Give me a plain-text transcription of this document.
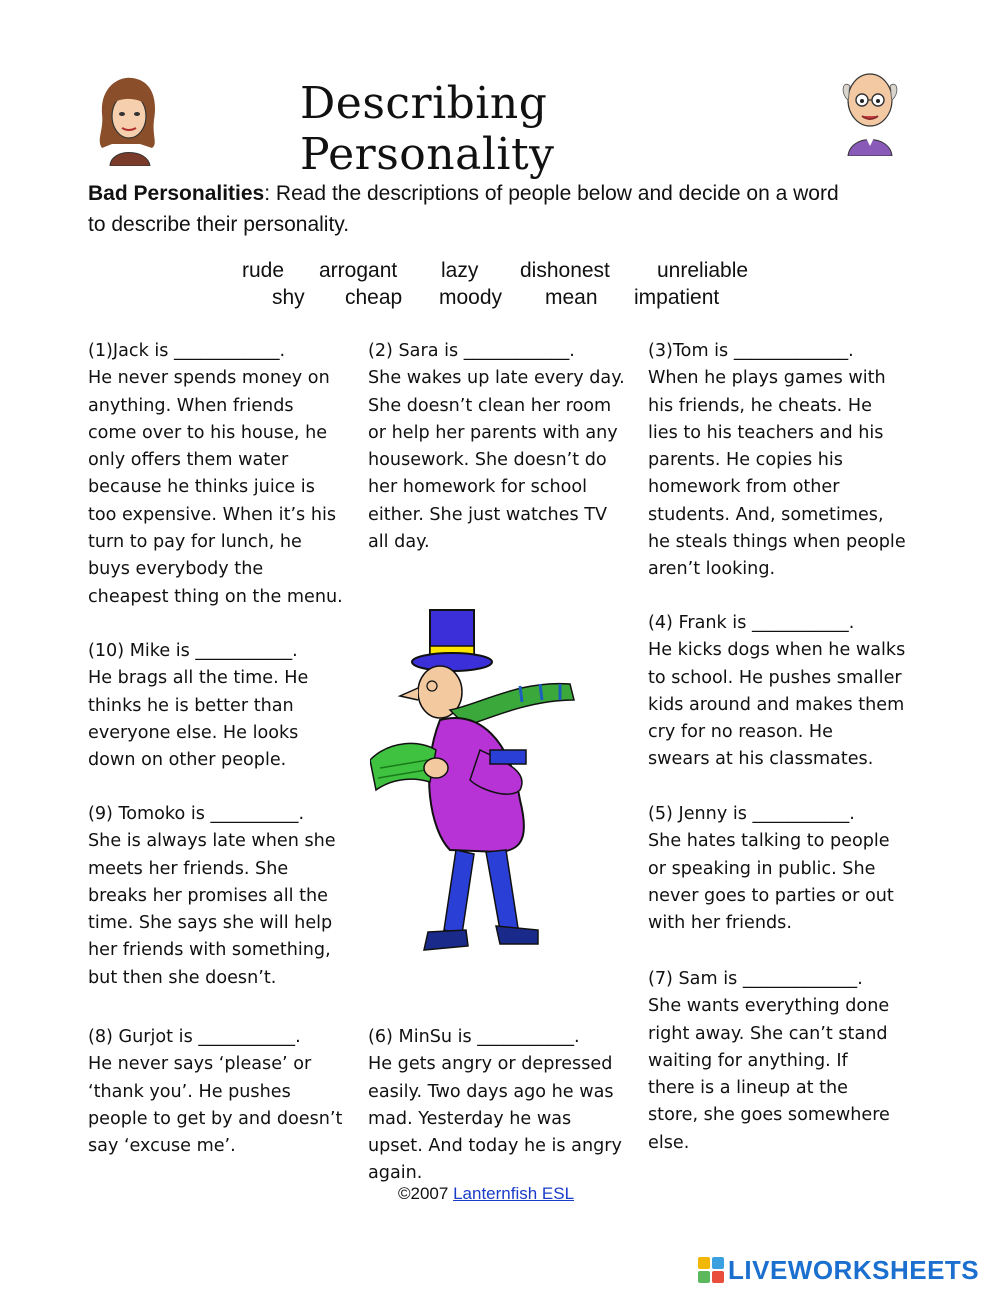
Describing Personality
Bad Personalities: Read the descriptions of people below and decide on a word
to describe their personality.
rude arrogant lazy dishonest unreliable
shy cheap moody mean impatient
(1)Jack is ____________.
He never spends money on
anything. When friends
come over to his house, he
only offers them water
because he thinks juice is
too expensive. When it’s his
turn to pay for lunch, he
buys everybody the
cheapest thing on the menu.
(10) Mike is ___________.
He brags all the time. He
thinks he is better than
everyone else. He looks
down on other people.
(9) Tomoko is __________.
She is always late when she
meets her friends. She
breaks her promises all the
time. She says she will help
her friends with something,
but then she doesn’t.
(8) Gurjot is ___________.
He never says ‘please’ or
‘thank you’. He pushes
people to get by and doesn’t
say ‘excuse me’.
(2) Sara is ____________.
She wakes up late every day.
She doesn’t clean her room
or help her parents with any
housework. She doesn’t do
her homework for school
either. She just watches TV
all day.
(6) MinSu is ___________.
He gets angry or depressed
easily. Two days ago he was
mad. Yesterday he was
upset. And today he is angry
again.
(3)Tom is _____________.
When he plays games with
his friends, he cheats. He
lies to his teachers and his
parents. He copies his
homework from other
students. And, sometimes,
he steals things when people
aren’t looking.
(4) Frank is ___________.
He kicks dogs when he walks
to school. He pushes smaller
kids around and makes them
cry for no reason. He
swears at his classmates.
(5) Jenny is ___________.
She hates talking to people
or speaking in public. She
never goes to parties or out
with her friends.
(7) Sam is _____________.
She wants everything done
right away. She can’t stand
waiting for anything. If
there is a lineup at the
store, she goes somewhere
else.
©2007 Lanternfish ESL
LIVEWORKSHEETS
